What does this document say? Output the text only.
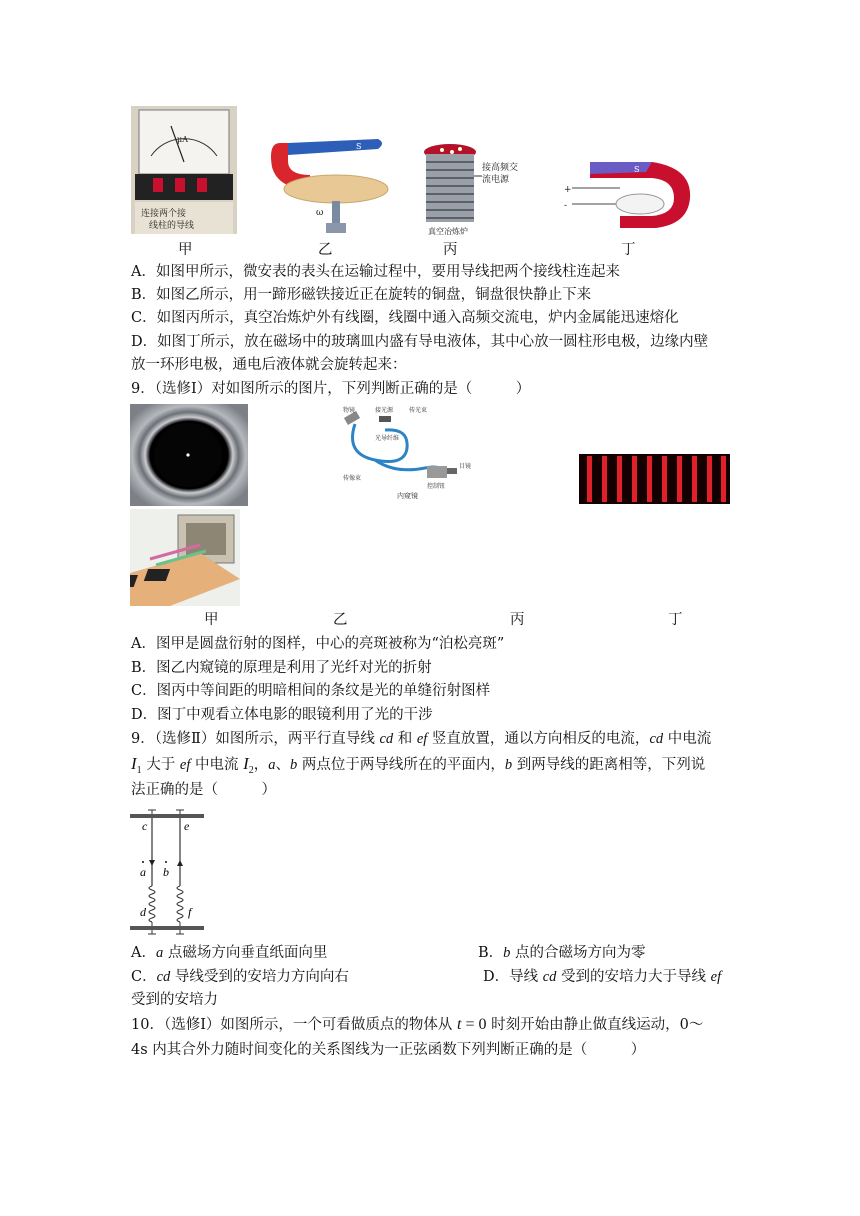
μA
连接两个接
线柱的导线
S
ω
接高频交
流电源
真空冶炼炉
+
-
S
甲	乙	丙	丁
A．如图甲所示，微安表的表头在运输过程中，要用导线把两个接线柱连起来
B．如图乙所示，用一蹄形磁铁接近正在旋转的铜盘，铜盘很快静止下来
C．如图丙所示，真空冶炼炉外有线圈，线圈中通入高频交流电，炉内金属能迅速熔化
D．如图丁所示，放在磁场中的玻璃皿内盛有导电液体，其中心放一圆柱形电极，边缘内壁
放一环形电极，通电后液体就会旋转起来：
9．（选修Ⅰ）对如图所示的图片，下列判断正确的是（　　　）
物镜	接光源	传光束
光导纤维
目镜
传像束
控制钮
内窥镜
甲	乙	丙	丁
A．图甲是圆盘衍射的图样，中心的亮斑被称为“泊松亮斑”
B．图乙内窥镜的原理是利用了光纤对光的折射
C．图丙中等间距的明暗相间的条纹是光的单缝衍射图样
D．图丁中观看立体电影的眼镜利用了光的干涉
9．（选修Ⅱ）如图所示，两平行直导线 cd 和 ef 竖直放置，通以方向相反的电流，cd 中电流
$I_1$ 大于 ef 中电流 $I_2$，a、b 两点位于两导线所在的平面内，b 到两导线的距离相等，下列说
法正确的是（　　　）
c	e
a b
d	f
A．a 点磁场方向垂直纸面向里	B．b 点的合磁场方向为零
C．cd 导线受到的安培力方向向右	D．导线 cd 受到的安培力大于导线 ef
受到的安培力
10．（选修Ⅰ）如图所示，一个可看做质点的物体从 t = 0 时刻开始由静止做直线运动，0～
4s 内其合外力随时间变化的关系图线为一正弦函数下列判断正确的是（　　　）
